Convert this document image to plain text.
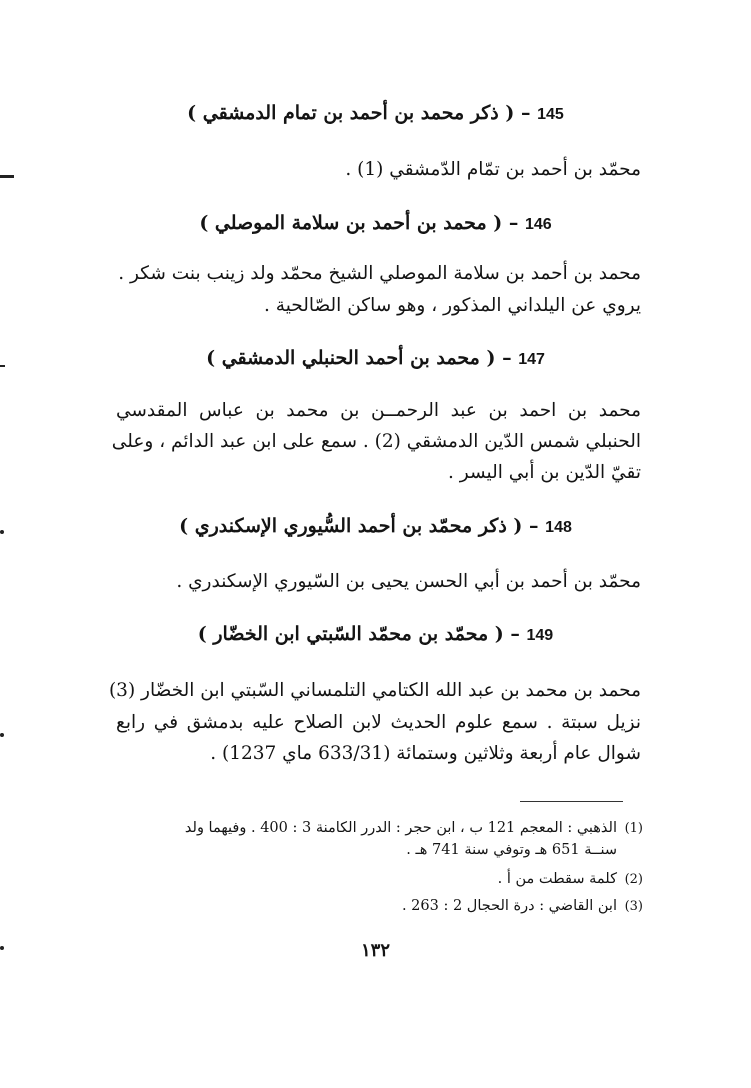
145 – ( ذكر محمد بن أحمد بن تمام الدمشقي )
محمّد بن أحمد بن تمّام الدّمشقي (1) .
146 – ( محمد بن أحمد بن سلامة الموصلي )
محمد بن أحمد بن سلامة الموصلي الشيخ محمّد ولد زينب بنت شكر .
يروي عن اليلداني المذكور ، وهو ساكن الصّالحية .
147 – ( محمد بن أحمد الحنبلي الدمشقي )
محمد بن احمد بن عبد الرحمــن بن محمد بن عباس المقدسي
الحنبلي شمس الدّين الدمشقي (2) . سمع على ابن عبد الدائم ، وعلى
تقيّ الدّين بن أبي اليسر .
148 – ( ذكر محمّد بن أحمد السُّيوري الإسكندري )
محمّد بن أحمد بن أبي الحسن يحيى بن السّيوري الإسكندري .
149 – ( محمّد بن محمّد السّبتي ابن الخضّار )
محمد بن محمد بن عبد الله الكتامي التلمساني السّبتي ابن الخضّار (3)
نزيل سبتة . سمع علوم الحديث لابن الصلاح عليه بدمشق في رابع
شوال عام أربعة وثلاثين وستمائة (633/31 ماي 1237) .
(1)
الذهبي : المعجم 121 ب ، ابن حجر : الدرر الكامنة 3 : 400 . وفيهما ولد
سنــة 651 هـ وتوفي سنة 741 هـ .
(2)
كلمة سقطت من أ .
(3)
ابن القاضي : درة الحجال 2 : 263 .
١٣٢
